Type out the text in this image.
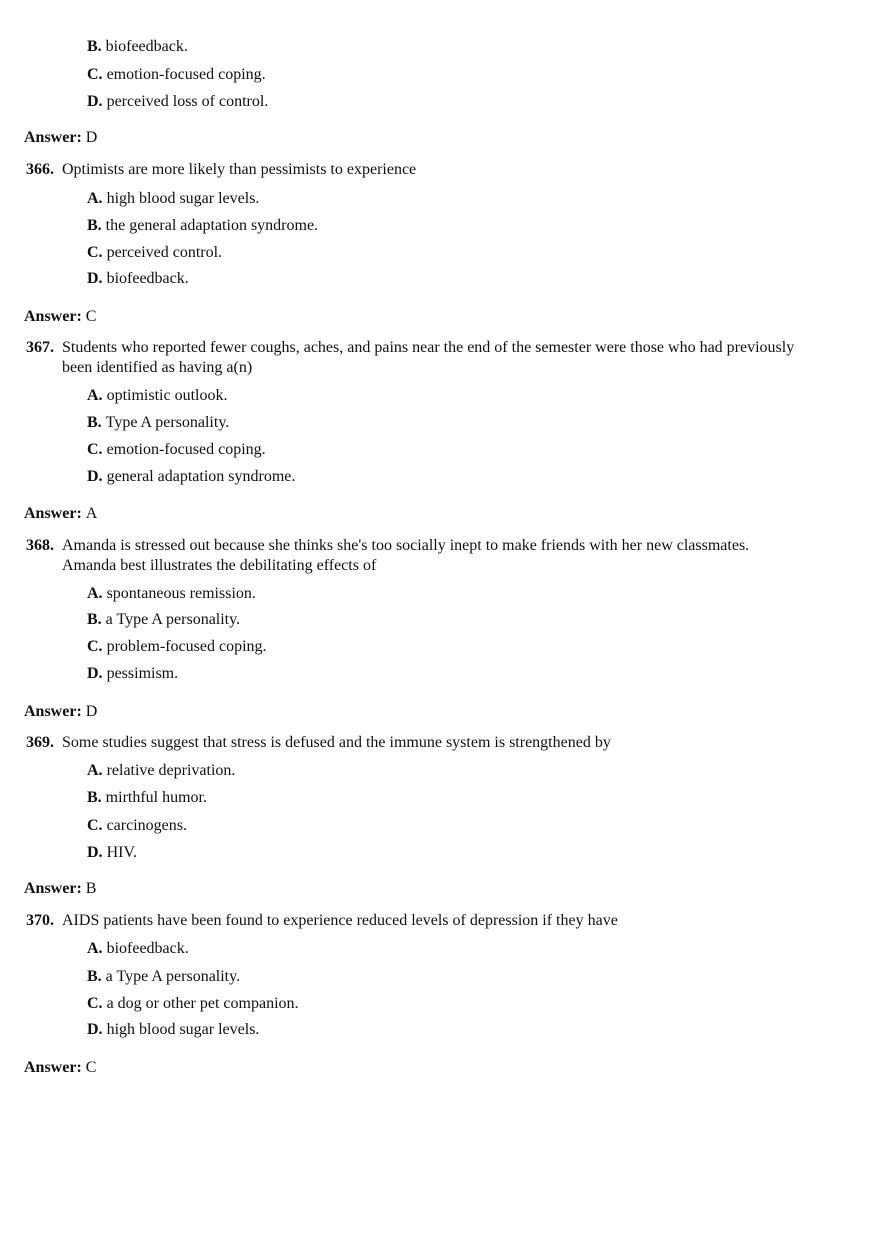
B. biofeedback.
C. emotion-focused coping.
D. perceived loss of control.
Answer: D
366. Optimists are more likely than pessimists to experience
A. high blood sugar levels.
B. the general adaptation syndrome.
C. perceived control.
D. biofeedback.
Answer: C
367. Students who reported fewer coughs, aches, and pains near the end of the semester were those who had previously been identified as having a(n)
A. optimistic outlook.
B. Type A personality.
C. emotion-focused coping.
D. general adaptation syndrome.
Answer: A
368. Amanda is stressed out because she thinks she's too socially inept to make friends with her new classmates. Amanda best illustrates the debilitating effects of
A. spontaneous remission.
B. a Type A personality.
C. problem-focused coping.
D. pessimism.
Answer: D
369. Some studies suggest that stress is defused and the immune system is strengthened by
A. relative deprivation.
B. mirthful humor.
C. carcinogens.
D. HIV.
Answer: B
370. AIDS patients have been found to experience reduced levels of depression if they have
A. biofeedback.
B. a Type A personality.
C. a dog or other pet companion.
D. high blood sugar levels.
Answer: C
